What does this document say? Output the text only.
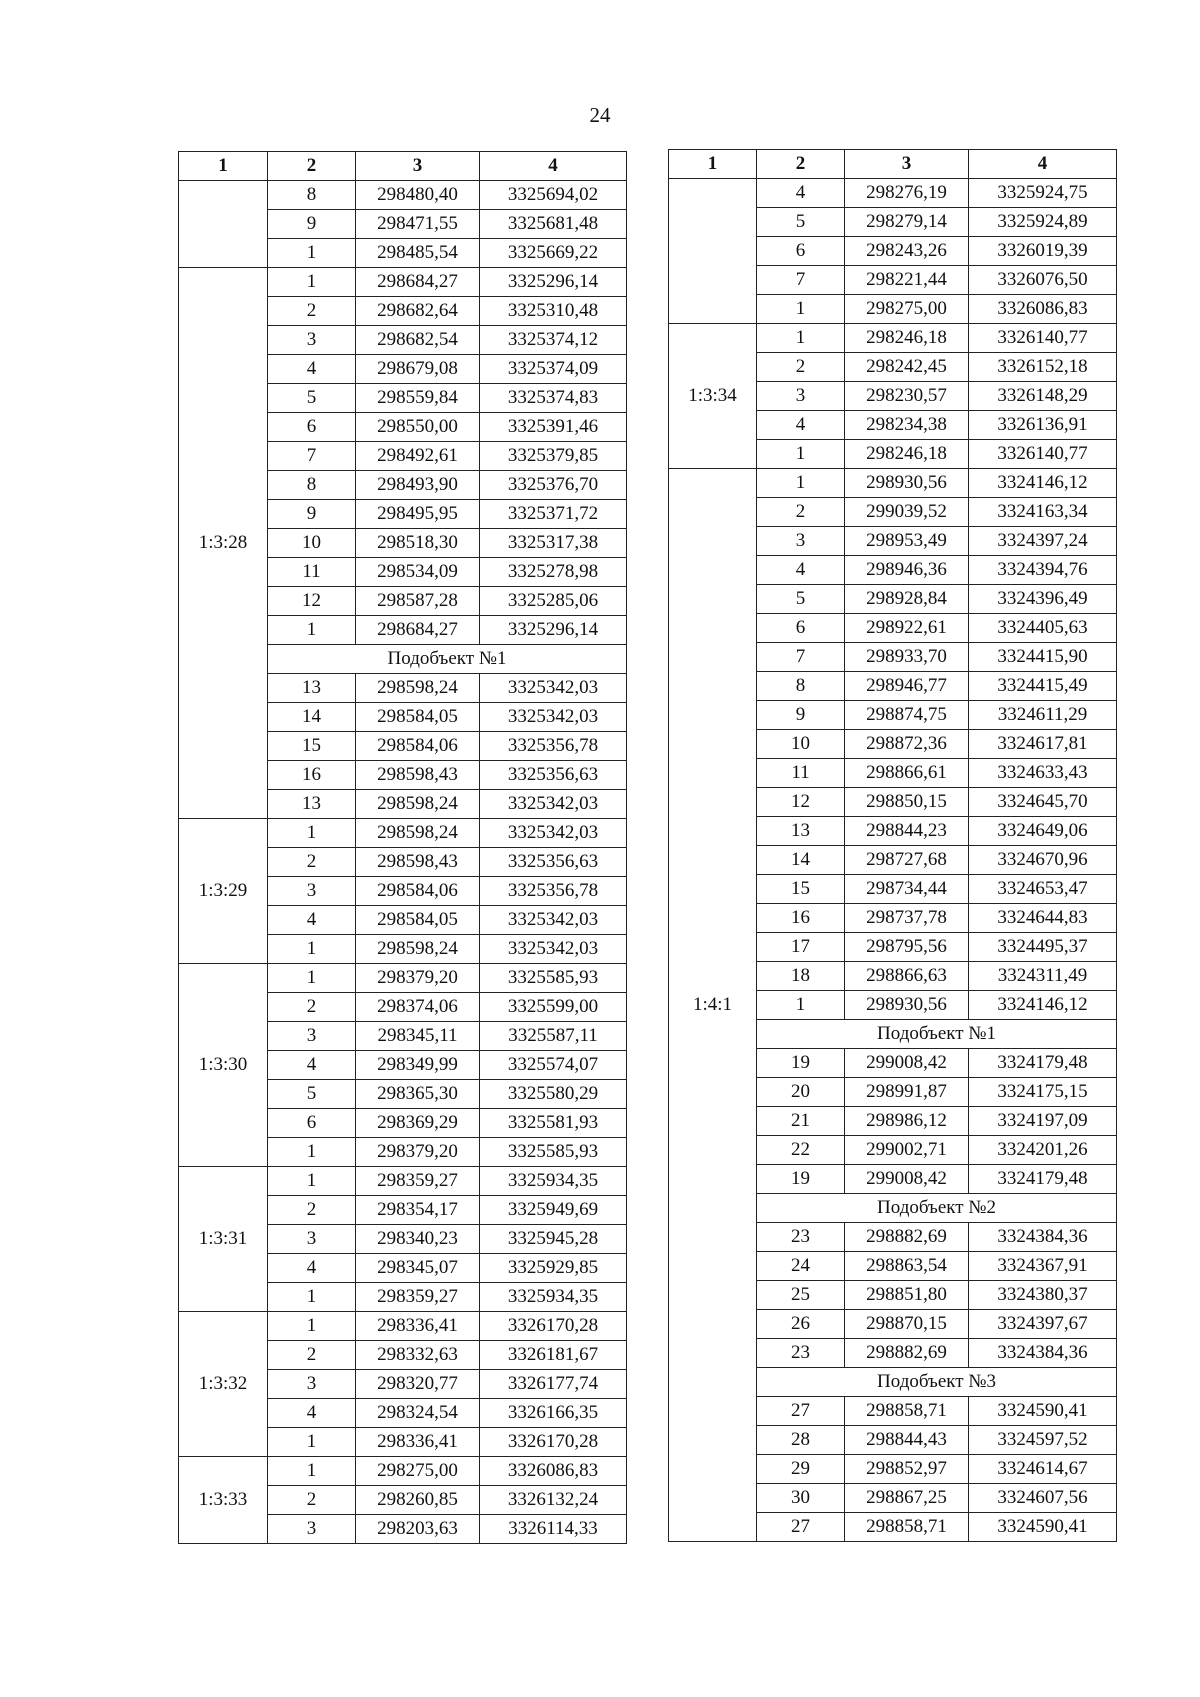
24
1	2	3	4
	8	298480,40	3325694,02
	9	298471,55	3325681,48
	1	298485,54	3325669,22
1:3:28	1	298684,27	3325296,14
	2	298682,64	3325310,48
	3	298682,54	3325374,12
	4	298679,08	3325374,09
	5	298559,84	3325374,83
	6	298550,00	3325391,46
	7	298492,61	3325379,85
	8	298493,90	3325376,70
	9	298495,95	3325371,72
	10	298518,30	3325317,38
	11	298534,09	3325278,98
	12	298587,28	3325285,06
	1	298684,27	3325296,14
	Подобъект №1		
	13	298598,24	3325342,03
	14	298584,05	3325342,03
	15	298584,06	3325356,78
	16	298598,43	3325356,63
	13	298598,24	3325342,03
1:3:29	1	298598,24	3325342,03
	2	298598,43	3325356,63
	3	298584,06	3325356,78
	4	298584,05	3325342,03
	1	298598,24	3325342,03
1:3:30	1	298379,20	3325585,93
	2	298374,06	3325599,00
	3	298345,11	3325587,11
	4	298349,99	3325574,07
	5	298365,30	3325580,29
	6	298369,29	3325581,93
	1	298379,20	3325585,93
1:3:31	1	298359,27	3325934,35
	2	298354,17	3325949,69
	3	298340,23	3325945,28
	4	298345,07	3325929,85
	1	298359,27	3325934,35
1:3:32	1	298336,41	3326170,28
	2	298332,63	3326181,67
	3	298320,77	3326177,74
	4	298324,54	3326166,35
	1	298336,41	3326170,28
1:3:33	1	298275,00	3326086,83
	2	298260,85	3326132,24
	3	298203,63	3326114,33
1	2	3	4
	4	298276,19	3325924,75
	5	298279,14	3325924,89
	6	298243,26	3326019,39
	7	298221,44	3326076,50
	1	298275,00	3326086,83
1:3:34	1	298246,18	3326140,77
	2	298242,45	3326152,18
	3	298230,57	3326148,29
	4	298234,38	3326136,91
	1	298246,18	3326140,77
1:4:1	1	298930,56	3324146,12
	2	299039,52	3324163,34
	3	298953,49	3324397,24
	4	298946,36	3324394,76
	5	298928,84	3324396,49
	6	298922,61	3324405,63
	7	298933,70	3324415,90
	8	298946,77	3324415,49
	9	298874,75	3324611,29
	10	298872,36	3324617,81
	11	298866,61	3324633,43
	12	298850,15	3324645,70
	13	298844,23	3324649,06
	14	298727,68	3324670,96
	15	298734,44	3324653,47
	16	298737,78	3324644,83
	17	298795,56	3324495,37
	18	298866,63	3324311,49
	1	298930,56	3324146,12
	Подобъект №1		
	19	299008,42	3324179,48
	20	298991,87	3324175,15
	21	298986,12	3324197,09
	22	299002,71	3324201,26
	19	299008,42	3324179,48
	Подобъект №2		
	23	298882,69	3324384,36
	24	298863,54	3324367,91
	25	298851,80	3324380,37
	26	298870,15	3324397,67
	23	298882,69	3324384,36
	Подобъект №3		
	27	298858,71	3324590,41
	28	298844,43	3324597,52
	29	298852,97	3324614,67
	30	298867,25	3324607,56
	27	298858,71	3324590,41
